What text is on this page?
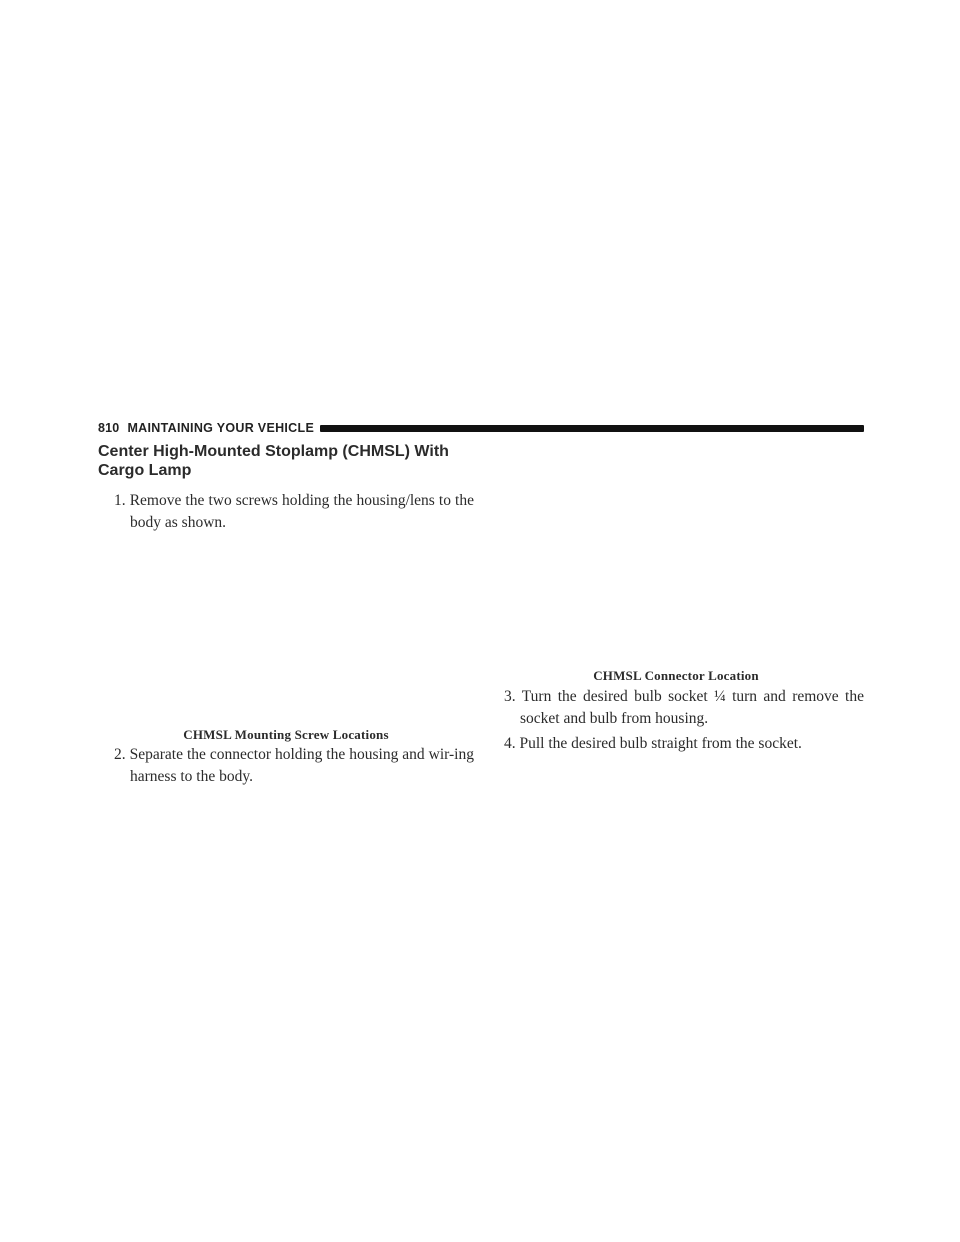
810 MAINTAINING YOUR VEHICLE
Center High-Mounted Stoplamp (CHMSL) With Cargo Lamp
1. Remove the two screws holding the housing/lens to the body as shown.
CHMSL Mounting Screw Locations
2. Separate the connector holding the housing and wir-ing harness to the body.
CHMSL Connector Location
3. Turn the desired bulb socket ¼ turn and remove the socket and bulb from housing.
4. Pull the desired bulb straight from the socket.
